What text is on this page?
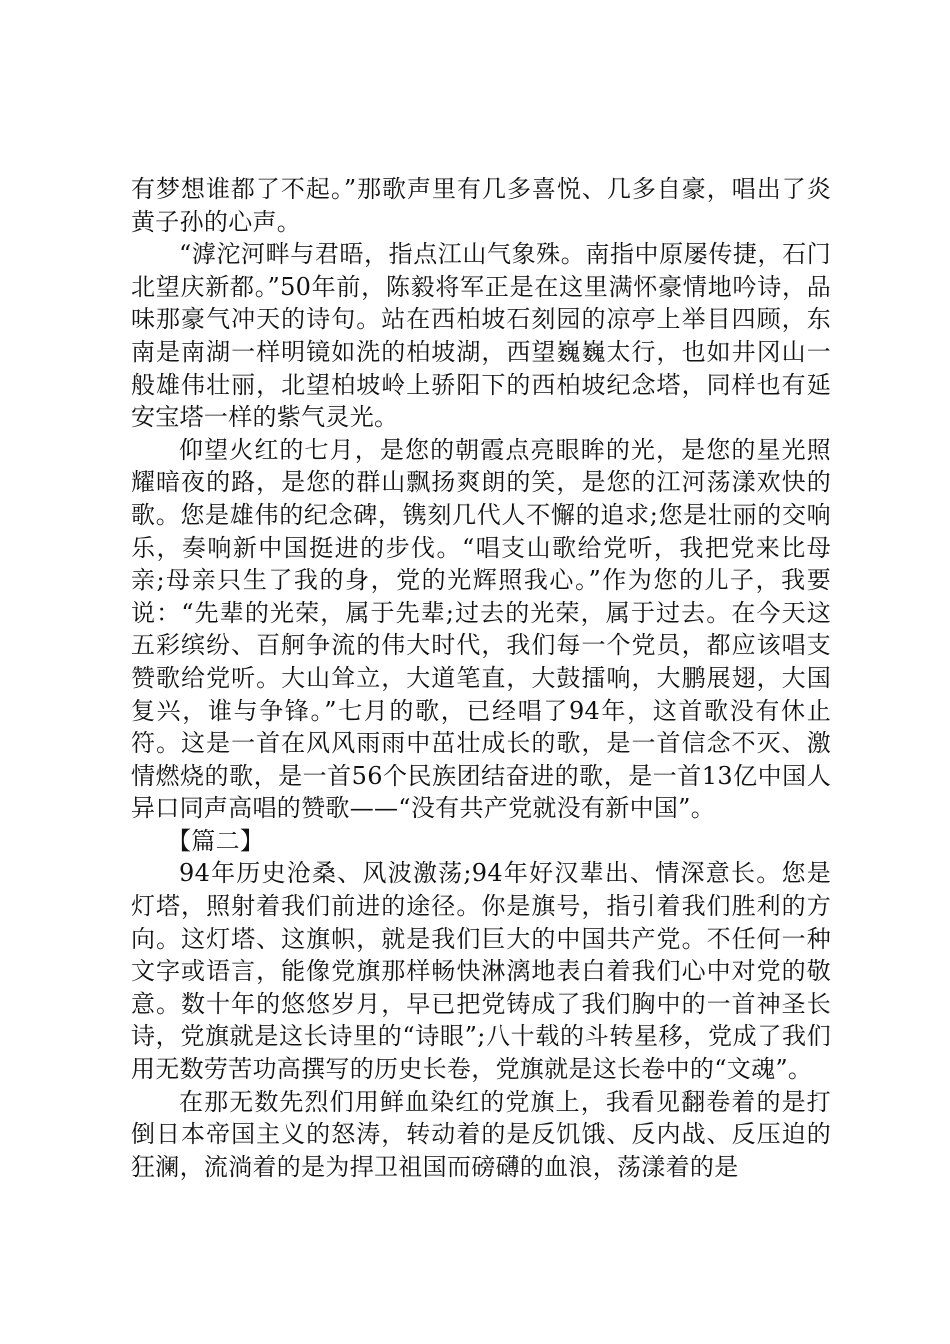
有梦想谁都了不起。”那歌声里有几多喜悦、几多自豪，唱出了炎黄子孙的心声。

“滹沱河畔与君晤，指点江山气象殊。南指中原屡传捷，石门北望庆新都。”50年前，陈毅将军正是在这里满怀豪情地吟诗，品味那豪气冲天的诗句。站在西柏坡石刻园的凉亭上举目四顾，东南是南湖一样明镜如洗的柏坡湖，西望巍巍太行，也如井冈山一般雄伟壮丽，北望柏坡岭上骄阳下的西柏坡纪念塔，同样也有延安宝塔一样的紫气灵光。

仰望火红的七月，是您的朝霞点亮眼眸的光，是您的星光照耀暗夜的路，是您的群山飘扬爽朗的笑，是您的江河荡漾欢快的歌。您是雄伟的纪念碑，镌刻几代人不懈的追求;您是壮丽的交响乐，奏响新中国挺进的步伐。“唱支山歌给党听，我把党来比母亲;母亲只生了我的身，党的光辉照我心。”作为您的儿子，我要说：“先辈的光荣，属于先辈;过去的光荣，属于过去。在今天这五彩缤纷、百舸争流的伟大时代，我们每一个党员，都应该唱支赞歌给党听。大山耸立，大道笔直，大鼓擂响，大鹏展翅，大国复兴，谁与争锋。”七月的歌，已经唱了94年，这首歌没有休止符。这是一首在风风雨雨中茁壮成长的歌，是一首信念不灭、激情燃烧的歌，是一首56个民族团结奋进的歌，是一首13亿中国人异口同声高唱的赞歌——“没有共产党就没有新中国”。

【篇二】

94年历史沧桑、风波激荡;94年好汉辈出、情深意长。您是灯塔，照射着我们前进的途径。你是旗号，指引着我们胜利的方向。这灯塔、这旗帜，就是我们巨大的中国共产党。不任何一种文字或语言，能像党旗那样畅快淋漓地表白着我们心中对党的敬意。数十年的悠悠岁月，早已把党铸成了我们胸中的一首神圣长诗，党旗就是这长诗里的“诗眼”;八十载的斗转星移，党成了我们用无数劳苦功高撰写的历史长卷，党旗就是这长卷中的“文魂”。

在那无数先烈们用鲜血染红的党旗上，我看见翻卷着的是打倒日本帝国主义的怒涛，转动着的是反饥饿、反内战、反压迫的狂澜，流淌着的是为捍卫祖国而磅礴的血浪，荡漾着的是
